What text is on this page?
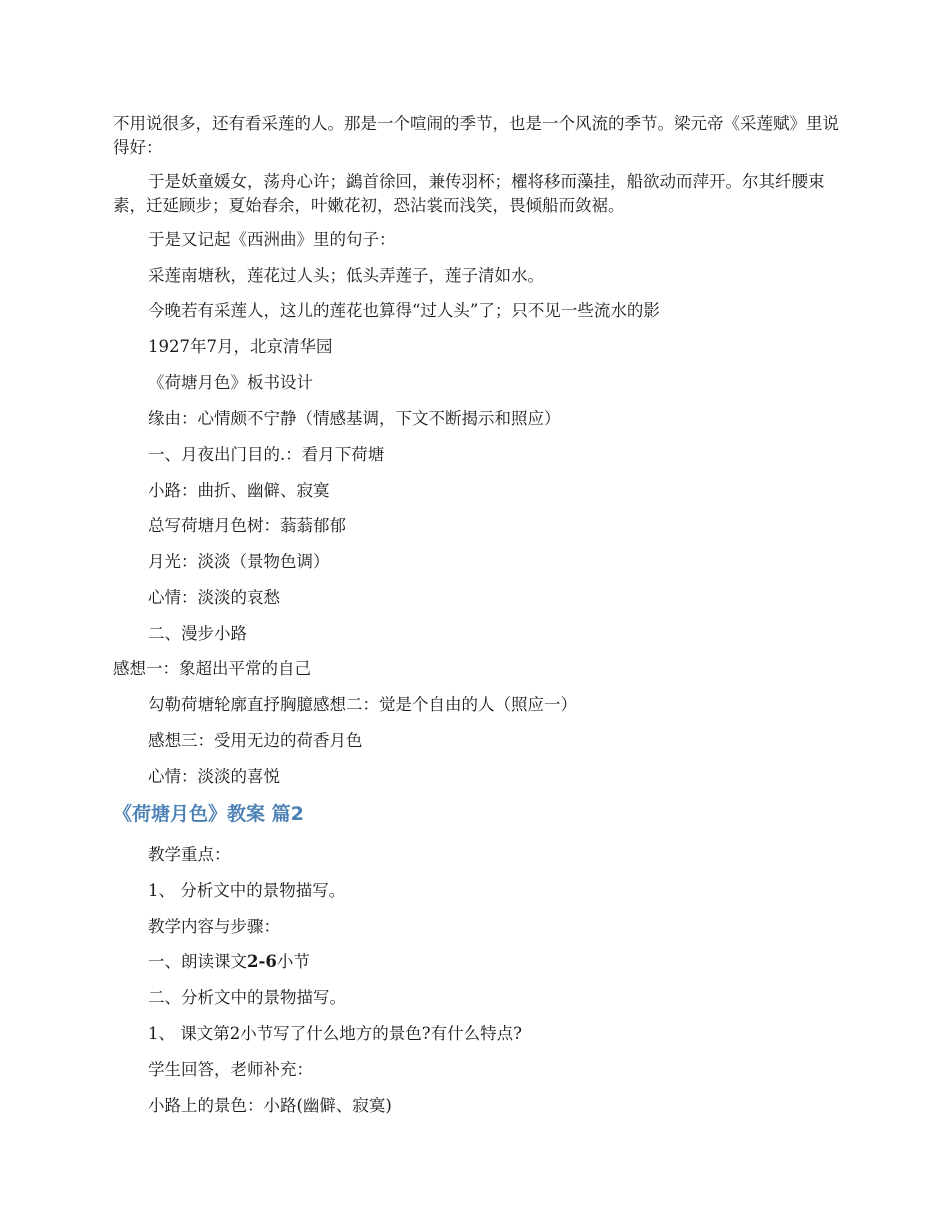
不用说很多，还有看采莲的人。那是一个喧闹的季节，也是一个风流的季节。梁元帝《采莲赋》里说得好：

于是妖童媛女，荡舟心许；鷁首徐回，兼传羽杯；櫂将移而藻挂，船欲动而萍开。尔其纤腰束素，迁延顾步；夏始春余，叶嫩花初，恐沾裳而浅笑，畏倾船而敛裾。

于是又记起《西洲曲》里的句子：

采莲南塘秋，莲花过人头；低头弄莲子，莲子清如水。

今晚若有采莲人，这儿的莲花也算得“过人头”了；只不见一些流水的影

1927年7月，北京清华园

《荷塘月色》板书设计

缘由：心情颇不宁静（情感基调，下文不断揭示和照应）

一、月夜出门目的.：看月下荷塘

小路：曲折、幽僻、寂寞

总写荷塘月色树：蓊蓊郁郁

月光：淡淡（景物色调）

心情：淡淡的哀愁

二、漫步小路

感想一：象超出平常的自己

勾勒荷塘轮廓直抒胸臆感想二：觉是个自由的人（照应一）

感想三：受用无边的荷香月色

心情：淡淡的喜悦

《荷塘月色》教案 篇2

教学重点：

1、 分析文中的景物描写。

教学内容与步骤：

一、朗读课文2-6小节

二、分析文中的景物描写。

1、 课文第2小节写了什么地方的景色?有什么特点?

学生回答，老师补充：

小路上的景色：小路(幽僻、寂寞)
